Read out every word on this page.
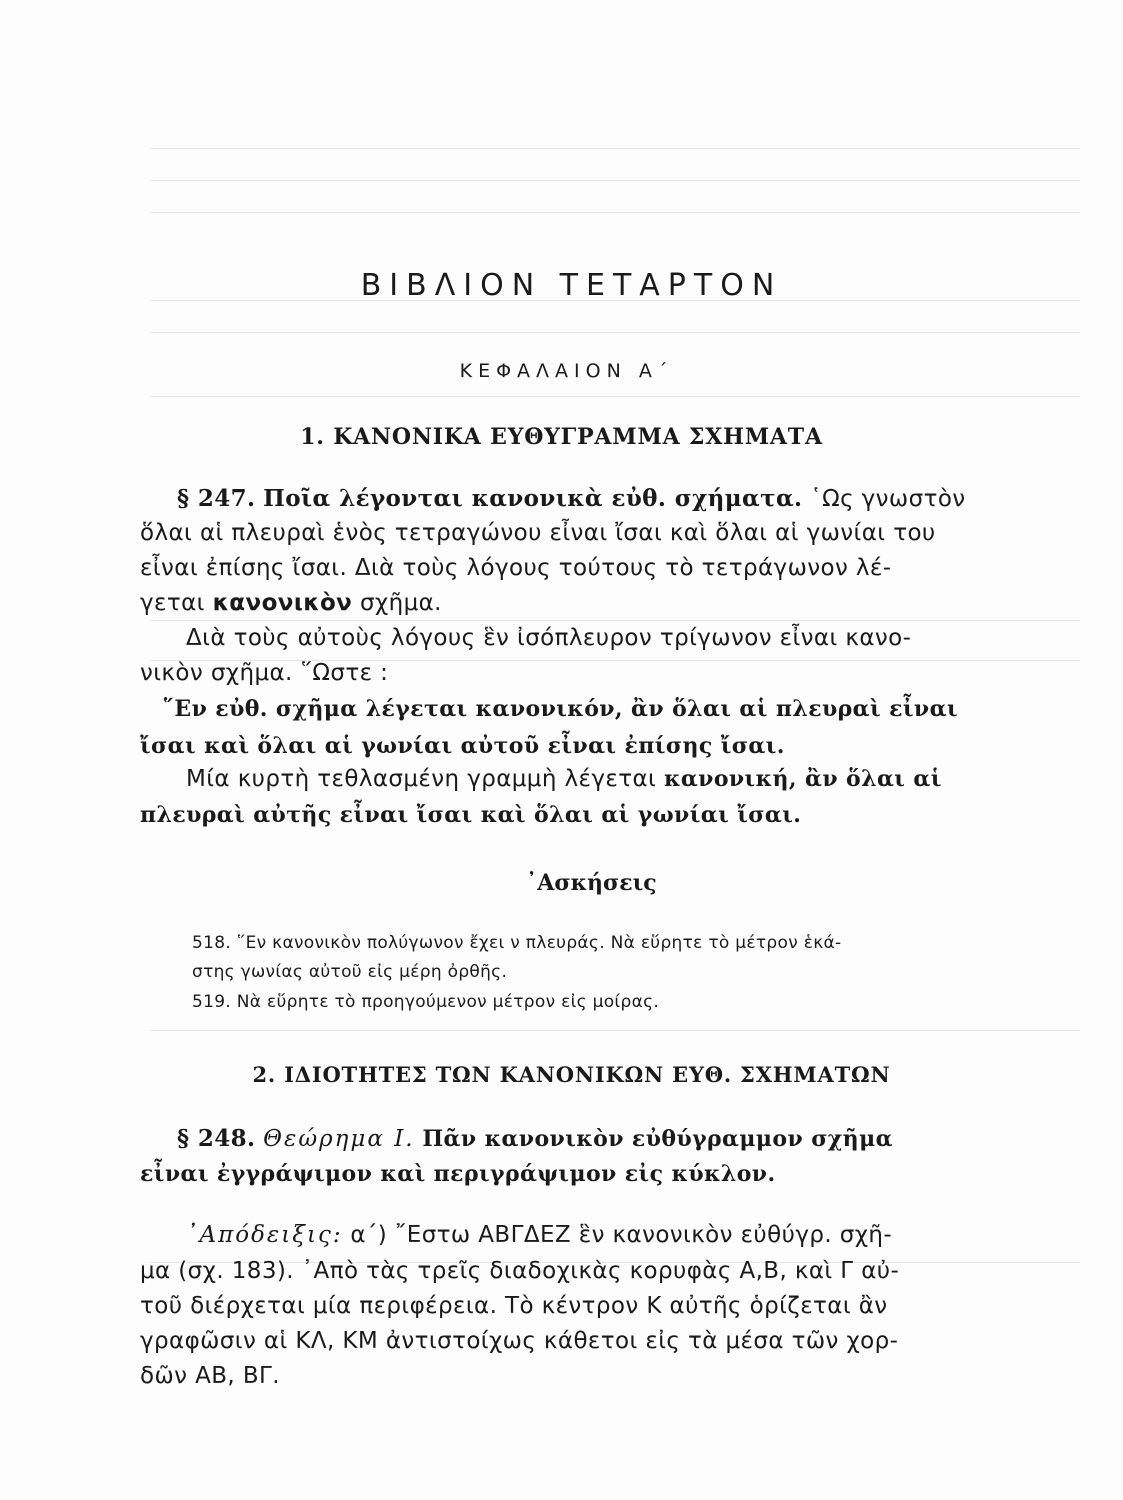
ΒΙΒΛΙΟΝ ΤΕΤΑΡΤΟΝ
ΚΕΦΑΛΑΙΟΝ Α΄
1. ΚΑΝΟΝΙΚΑ ΕΥΘΥΓΡΑΜΜΑ ΣΧΗΜΑΤΑ
§ 247. Ποῖα λέγονται κανονικὰ εὐθ. σχήματα. ῾Ως γνωστὸν
ὅλαι αἱ πλευραὶ ἑνὸς τετραγώνου εἶναι ἴσαι καὶ ὅλαι αἱ γωνίαι του
εἶναι ἐπίσης ἴσαι. Διὰ τοὺς λόγους τούτους τὸ τετράγωνον λέ-
γεται κανονικὸν σχῆμα.
Διὰ τοὺς αὐτοὺς λόγους ἓν ἰσόπλευρον τρίγωνον εἶναι κανο-
νικὸν σχῆμα. ῞Ωστε :
῞Εν εὐθ. σχῆμα λέγεται κανονικόν, ἂν ὅλαι αἱ πλευραὶ εἶναι
ἴσαι καὶ ὅλαι αἱ γωνίαι αὐτοῦ εἶναι ἐπίσης ἴσαι.
Μία κυρτὴ τεθλασμένη γραμμὴ λέγεται κανονική, ἂν ὅλαι αἱ
πλευραὶ αὐτῆς εἶναι ἴσαι καὶ ὅλαι αἱ γωνίαι ἴσαι.
᾿Ασκήσεις
518. ῞Εν κανονικὸν πολύγωνον ἔχει ν πλευράς. Νὰ εὕρητε τὸ μέτρον ἑκά-
στης γωνίας αὐτοῦ εἰς μέρη ὀρθῆς.
519. Νὰ εὕρητε τὸ προηγούμενον μέτρον εἰς μοίρας.
2. ΙΔΙΟΤΗΤΕΣ ΤΩΝ ΚΑΝΟΝΙΚΩΝ ΕΥΘ. ΣΧΗΜΑΤΩΝ
§ 248. Θεώρημα Ι. Πᾶν κανονικὸν εὐθύγραμμον σχῆμα
εἶναι ἐγγράψιμον καὶ περιγράψιμον εἰς κύκλον.
᾿Απόδειξις: α΄) ῎Εστω ΑΒΓΔΕΖ ἓν κανονικὸν εὐθύγρ. σχῆ-
μα (σχ. 183). ᾿Απὸ τὰς τρεῖς διαδοχικὰς κορυφὰς Α,Β, καὶ Γ αὐ-
τοῦ διέρχεται μία περιφέρεια. Τὸ κέντρον Κ αὐτῆς ὁρίζεται ἂν
γραφῶσιν αἱ ΚΛ, ΚΜ ἀντιστοίχως κάθετοι εἰς τὰ μέσα τῶν χορ-
δῶν ΑΒ, ΒΓ.
